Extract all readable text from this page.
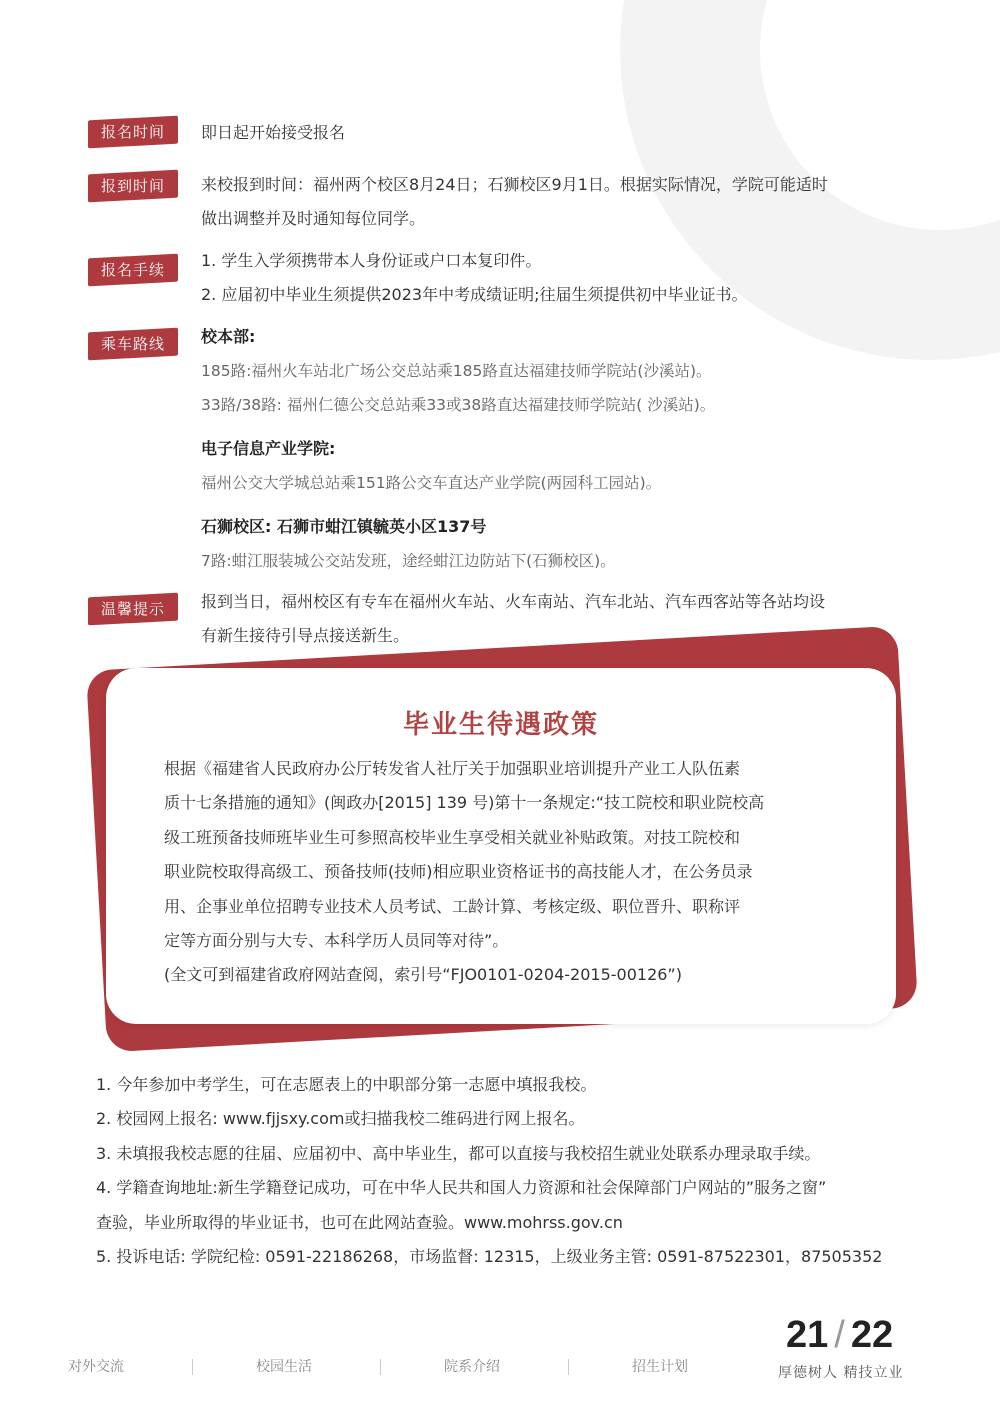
报名时间	即日起开始接受报名
报到时间	来校报到时间：福州两个校区8月24日；石狮校区9月1日。根据实际情况，学院可能适时
做出调整并及时通知每位同学。
报名手续
1. 学生入学须携带本人身份证或户口本复印件。
2. 应届初中毕业生须提供2023年中考成绩证明;往届生须提供初中毕业证书。
乘车路线	校本部:
185路:福州火车站北广场公交总站乘185路直达福建技师学院站(沙溪站)。
33路/38路: 福州仁德公交总站乘33或38路直达福建技师学院站( 沙溪站)。
电子信息产业学院:
福州公交大学城总站乘151路公交车直达产业学院(两园科工园站)。
石狮校区: 石狮市蚶江镇毓英小区137号
7路:蚶江服装城公交站发班，途经蚶江边防站下(石狮校区)。
温馨提示	报到当日，福州校区有专车在福州火车站、火车南站、汽车北站、汽车西客站等各站均设
有新生接待引导点接送新生。
毕业生待遇政策
根据《福建省人民政府办公厅转发省人社厅关于加强职业培训提升产业工人队伍素
质十七条措施的通知》(闽政办[2015] 139 号)第十一条规定:“技工院校和职业院校高
级工班预备技师班毕业生可参照高校毕业生享受相关就业补贴政策。对技工院校和
职业院校取得高级工、预备技师(技师)相应职业资格证书的高技能人才，在公务员录
用、企事业单位招聘专业技术人员考试、工龄计算、考核定级、职位晋升、职称评
定等方面分别与大专、本科学历人员同等对待”。
(全文可到福建省政府网站查阅，索引号“FJO0101-0204-2015-00126”)
1. 今年参加中考学生，可在志愿表上的中职部分第一志愿中填报我校。
2. 校园网上报名: www.fjjsxy.com或扫描我校二维码进行网上报名。
3. 未填报我校志愿的往届、应届初中、高中毕业生，都可以直接与我校招生就业处联系办理录取手续。
4. 学籍查询地址:新生学籍登记成功，可在中华人民共和国人力资源和社会保障部门户网站的”服务之窗”
查验，毕业所取得的毕业证书，也可在此网站查验。www.mohrss.gov.cn
5. 投诉电话: 学院纪检: 0591-22186268，市场监督: 12315，上级业务主管: 0591-87522301，87505352
对外交流	校园生活	院系介绍	招生计划
21 / 22
厚德树人 精技立业
